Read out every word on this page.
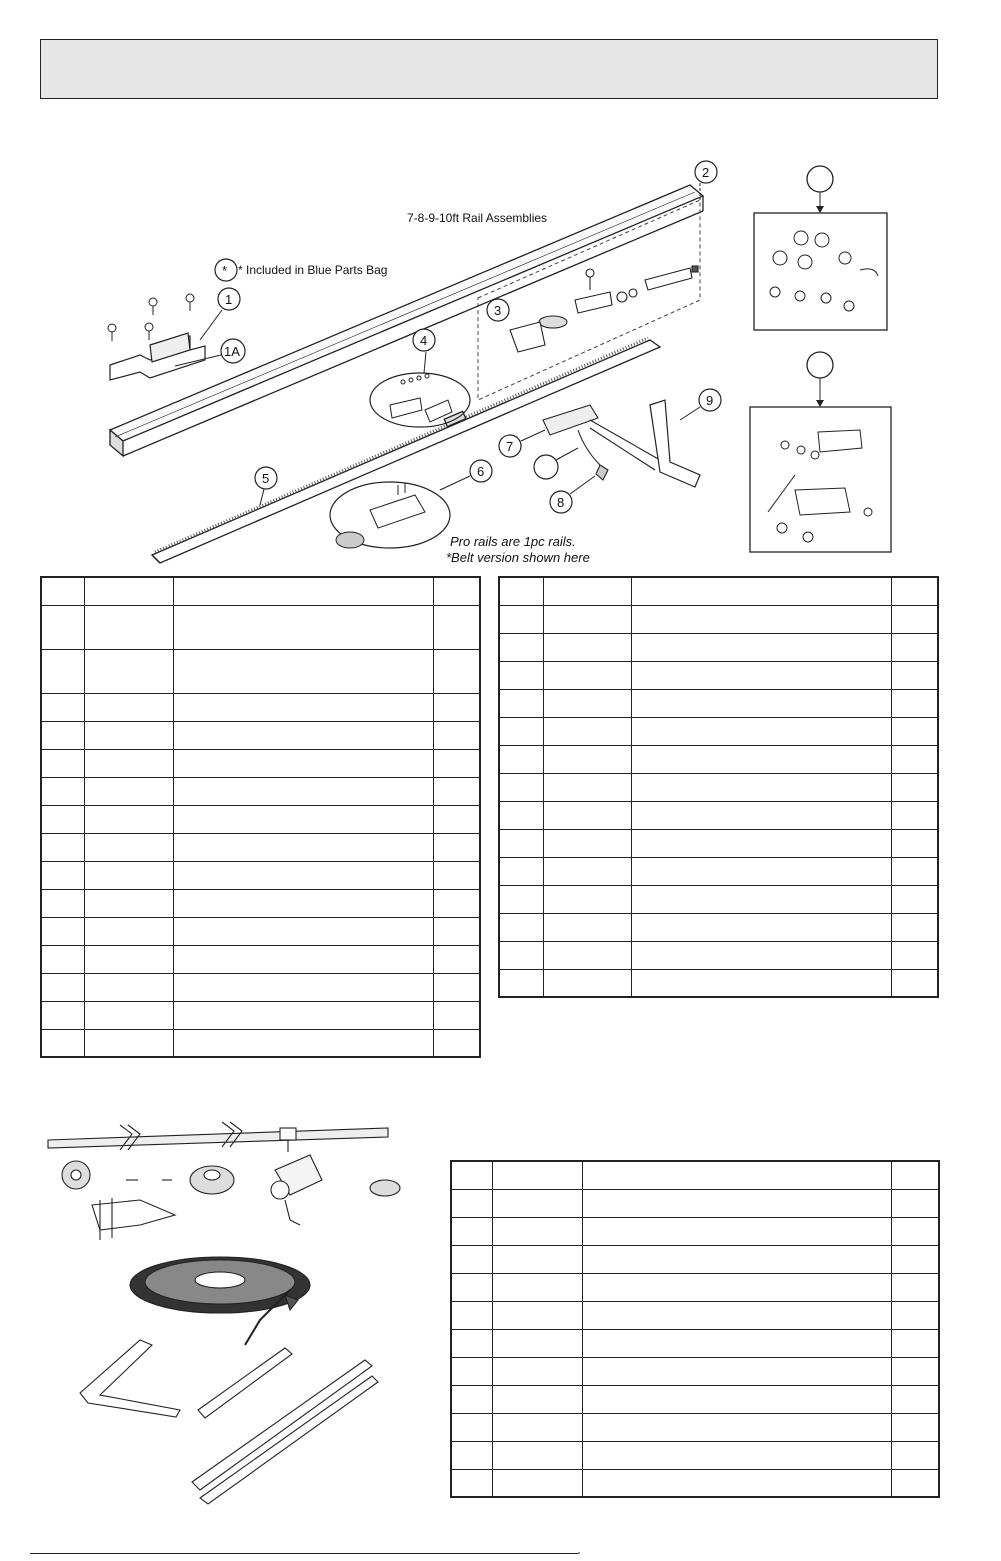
2
*
1
1A
3
4
5	6
7
8
9
7-8-9-10ft Rail Assemblies
* Included in Blue Parts Bag
Pro rails are 1pc rails.
*Belt version shown here
